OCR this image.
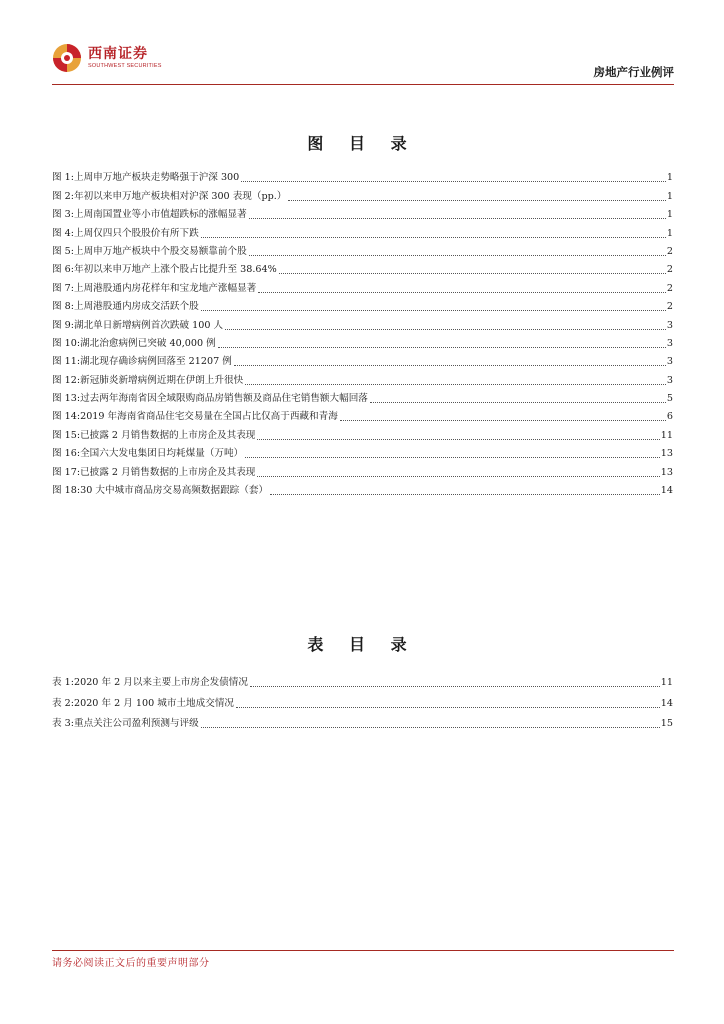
西南证券
SOUTHWEST SECURITIES	房地产行业例评
图 目 录
图 1: 上周申万地产板块走势略强于沪深 300	1
图 2: 年初以来申万地产板块相对沪深 300 表现（pp.）	1
图 3: 上周南国置业等小市值超跌标的涨幅显著	1
图 4: 上周仅四只个股股价有所下跌	1
图 5: 上周申万地产板块中个股交易额靠前个股	2
图 6: 年初以来申万地产上涨个股占比提升至 38.64%	2
图 7: 上周港股通内房花样年和宝龙地产涨幅显著	2
图 8: 上周港股通内房成交活跃个股	2
图 9: 湖北单日新增病例首次跌破 100 人	3
图 10: 湖北治愈病例已突破 40,000 例	3
图 11: 湖北现存确诊病例回落至 21207 例	3
图 12: 新冠肺炎新增病例近期在伊朗上升很快	3
图 13: 过去两年海南省因全域限购商品房销售额及商品住宅销售额大幅回落	5
图 14: 2019 年海南省商品住宅交易量在全国占比仅高于西藏和青海	6
图 15: 已披露 2 月销售数据的上市房企及其表现	11
图 16: 全国六大发电集团日均耗煤量（万吨）	13
图 17: 已披露 2 月销售数据的上市房企及其表现	13
图 18: 30 大中城市商品房交易高频数据跟踪（套）	14
表 目 录
表 1: 2020 年 2 月以来主要上市房企发债情况	11
表 2: 2020 年 2 月 100 城市土地成交情况	14
表 3: 重点关注公司盈利预测与评级	15
请务必阅读正文后的重要声明部分
